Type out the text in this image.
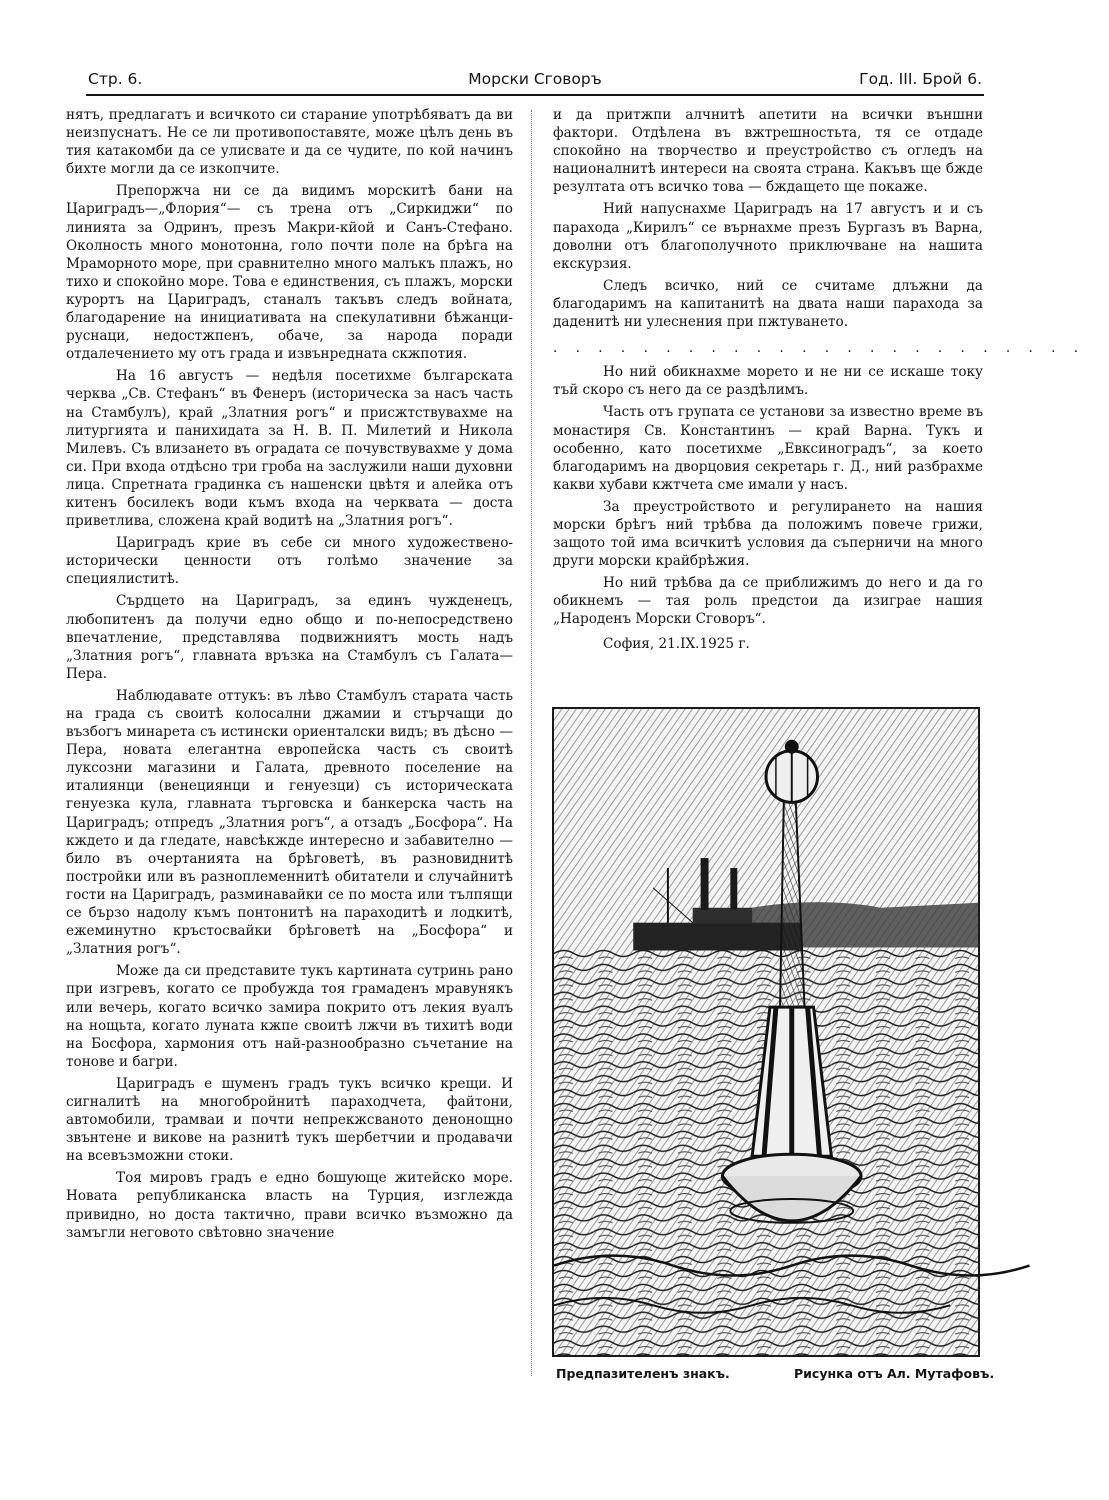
Стр. 6.	Морски Сговоръ	Год. III. Брой 6.

нятъ, предлагатъ и всичкото си старание употрѣбяватъ да ви неизпуснатъ. Не се ли противопоставяте, може цѣлъ день въ тия катакомби да се улисвате и да се чудите, по кой начинъ бихте могли да се изкопчите.

Препоржча ни се да видимъ морскитѣ бани на Цариградъ—„Флория“— съ трена отъ „Сиркиджи“ по линията за Одринъ, презъ Макри-кйой и Санъ-Стефано. Околность много монотонна, голо почти поле на брѣга на Мраморното море, при сравнително много малъкъ плажъ, но тихо и спокойно море. Това е единствения, съ плажъ, морски курортъ на Цариградъ, станалъ такъвъ следъ войната, благодарение на инициативата на спекулативни бѣжанци-руснаци, недостжпенъ, обаче, за народа поради отдалечението му отъ града и извънредната скжпотия.

На 16 августъ — недѣля посетихме българската черква „Св. Стефанъ“ въ Фенеръ (историческа за насъ часть на Стамбулъ), край „Златния рогъ“ и присжтствувахме на литургията и панихидата за Н. В. П. Милетий и Никола Милевъ. Съ влизането въ оградата се почувствувахме у дома си. При входа отдѣсно три гроба на заслужили наши духовни лица. Спретната градинка съ нашенски цвѣтя и алейка отъ китенъ босилекъ води къмъ входа на черквата — доста приветлива, сложена край водитѣ на „Златния рогъ“.

Цариградъ крие въ себе си много художествено-исторически ценности отъ голѣмо значение за специялиститѣ.

Сърдцето на Цариградъ, за единъ чужденецъ, любопитенъ да получи едно общо и по-непосредствено впечатление, представлява подвижниятъ мость надъ „Златния рогъ“, главната връзка на Стамбулъ съ Галата—Пера.

Наблюдавате оттукъ: въ лѣво Стамбулъ старата часть на града съ своитѣ колосални джамии и стърчащи до възбогъ минарета съ истински ориенталски видъ; въ дѣсно — Пера, новата елегантна европейска часть съ своитѣ луксозни магазини и Галата, древното поселение на италиянци (венециянци и генуезци) съ историческата генуезка кула, главната търговска и банкерска часть на Цариградъ; отпредъ „Златния рогъ“, а отзадъ „Босфора“. На кждето и да гледате, навсѣкжде интересно и забавително — било въ очертанията на брѣговетѣ, въ разновиднитѣ постройки или въ разноплеменнитѣ обитатели и случайнитѣ гости на Цариградъ, разминавайки се по моста или тълпящи се бързо надолу къмъ понтонитѣ на параходитѣ и лодкитѣ, ежеминутно кръстосвайки брѣговетѣ на „Босфора“ и „Златния рогъ“.

Може да си представите тукъ картината сутринь рано при изгревъ, когато се пробужда тоя грамаденъ мравунякъ или вечерь, когато всичко замира покрито отъ лекия вуалъ на нощьта, когато луната кжпе своитѣ лжчи въ тихитѣ води на Босфора, хармония отъ най-разнообразно съчетание на тонове и багри.

Цариградъ е шуменъ градъ тукъ всичко крещи. И сигналитѣ на многобройнитѣ параходчета, файтони, автомобили, трамваи и почти непрекжсваното денонощно звънтене и викове на разнитѣ тукъ шербетчии и продавачи на всевъзможни стоки.

Тоя мировъ градъ е едно бошующе житейско море. Новата републиканска власть на Турция, изглежда привидно, но доста тактично, прави всичко възможно да замъгли неговото свѣтовно значение

и да притжпи алчнитѣ апетити на всички външни фактори. Отдѣлена въ вжтрешностьта, тя се отдаде спокойно на творчество и преустройство съ огледъ на националнитѣ интереси на своята страна. Какъвъ ще бжде резултата отъ всичко това — бждащето ще покаже.

Ний напуснахме Цариградъ на 17 августъ и и съ парахода „Кирилъ“ се върнахме презъ Бургазъ въ Варна, доволни отъ благополучното приключване на нашита екскурзия.

Следъ всичко, ний се считаме длъжни да благодаримъ на капитанитѣ на двата наши парахода за даденитѣ ни улеснения при пжтуването.

. . . . . . . . . . . . . . . . . . . . . . . .

Но ний обикнахме морето и не ни се искаше току тъй скоро съ него да се раздѣлимъ.

Часть отъ групата се установи за известно време въ монастиря Св. Константинъ — край Варна. Тукъ и особенно, като посетихме „Евксиноградъ“, за което благодаримъ на дворцовия секретарь г. Д., ний разбрахме какви хубави кжтчета сме имали у насъ.

За преустройството и регулирането на нашия морски брѣгъ ний трѣбва да положимъ повече грижи, защото той има всичкитѣ условия да съперничи на много други морски крайбрѣжия.

Но ний трѣбва да се приближимъ до него и да го обикнемъ — тая роль предстои да изиграе нашия „Народенъ Морски Сговоръ“.

София, 21.IX.1925 г.

Предпазителенъ знакъ.	Рисунка отъ Ал. Мутафовъ.
